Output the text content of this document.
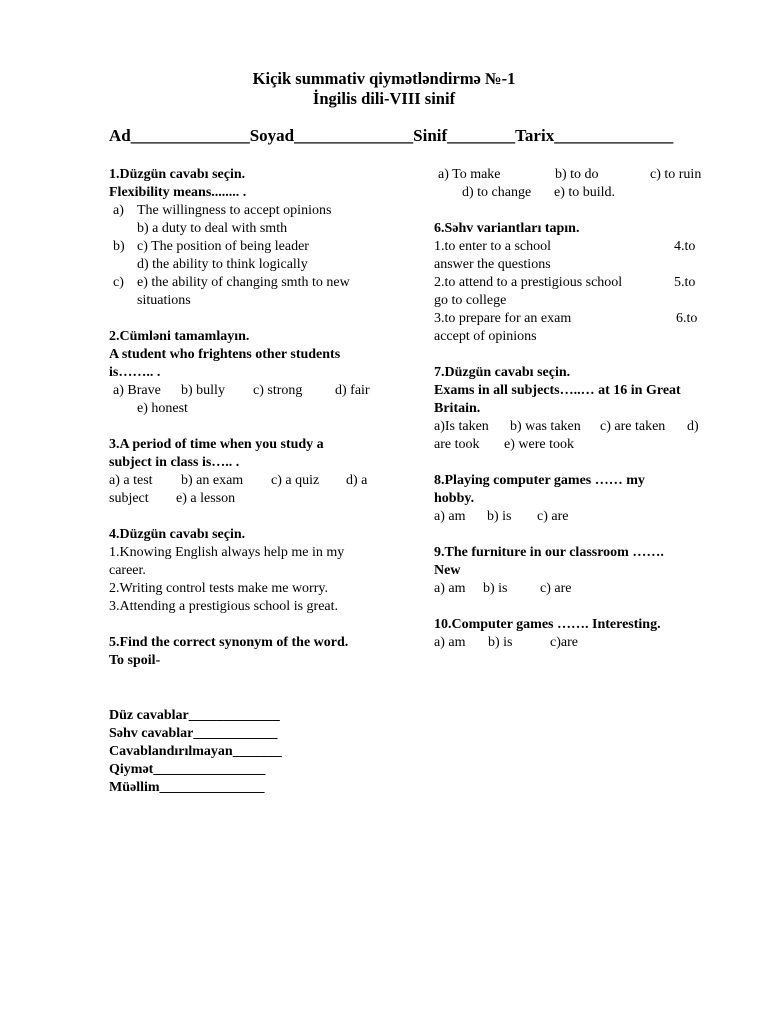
Kiçik summativ qiymətləndirmə №-1
İngilis dili-VIII sinif
Ad______________Soyad______________Sinif________Tarix______________
1.Düzgün cavabı seçin.
Flexibility means........ .
a) The willingness to accept opinions
b) a duty to deal with smth
b) c) The position of being leader
d) the ability to think logically
c) e) the ability of changing smth to new
situations
2.Cümləni tamamlayın.
A student who frightens other students
is…….. .
a) Brave b) bully c) strong d) fair
e) honest
3.A period of time when you study a
subject in class is….. .
a) a test b) an exam c) a quiz d) a
subject e) a lesson
4.Düzgün cavabı seçin.
1.Knowing English always help me in my
career.
2.Writing control tests make me worry.
3.Attending a prestigious school is great.
5.Find the correct synonym of the word.
To spoil-
a) To make	b) to do	c) to ruin
d) to change e) to build.
6.Səhv variantları tapın.
1.to enter to a school	4.to
answer the questions
2.to attend to a prestigious school	5.to
go to college
3.to prepare for an exam	6.to
accept of opinions
7.Düzgün cavabı seçin.
Exams in all subjects…..… at 16 in Great
Britain.
a)Is taken b) was taken c) are taken d)
are took e) were took
8.Playing computer games …… my
hobby.
a) am b) is c) are
9.The furniture in our classroom …….
New
a) am b) is c) are
10.Computer games ……. Interesting.
a) am b) is	c)are
Düz cavablar_____________
Səhv cavablar____________
Cavablandırılmayan_______
Qiymət________________
Müəllim_______________
